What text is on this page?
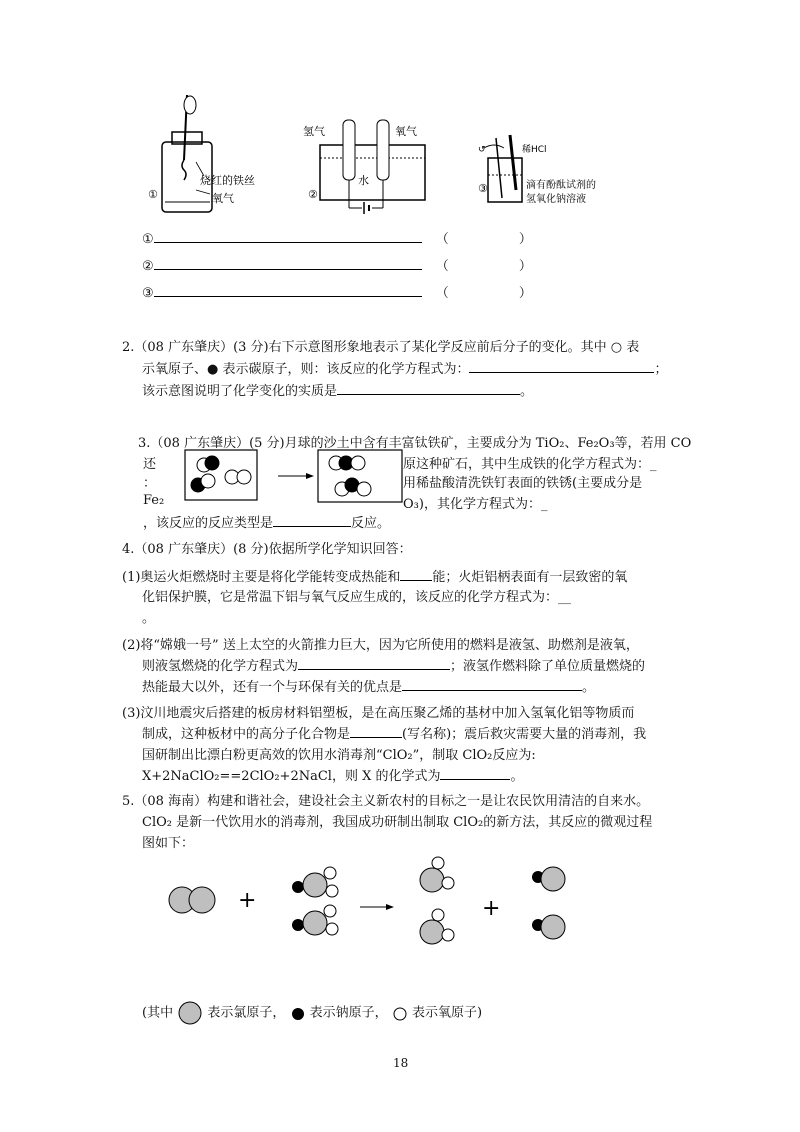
①
烧红的铁丝
氧气
氢气	氧气
水
②
↺	稀HCl
③	滴有酚酞试剂的
氢氧化钠溶液
①	（	）
②	（	）
③	（	）
2.（08 广东肇庆）(3 分)右下示意图形象地表示了某化学反应前后分子的变化。其中 ○ 表
示氧原子、● 表示碳原子，则：该反应的化学方程式为：	；
该示意图说明了化学变化的实质是	。
3.（08 广东肇庆）(5 分)月球的沙土中含有丰富钛铁矿，主要成分为 TiO₂、Fe₂O₃等，若用 CO
还
：
Fe₂
原这种矿石，其中生成铁的化学方程式为：_
用稀盐酸清洗铁钉表面的铁锈(主要成分是
O₃)，其化学方程式为：_
，该反应的反应类型是	反应。
4.（08 广东肇庆）(8 分)依据所学化学知识回答：
(1)奥运火炬燃烧时主要是将化学能转变成热能和 能；火炬铝柄表面有一层致密的氧
化铝保护膜，它是常温下铝与氧气反应生成的，该反应的化学方程式为：__
。
(2)将“嫦娥一号” 送上太空的火箭推力巨大，因为它所使用的燃料是液氢、助燃剂是液氧，
则液氢燃烧的化学方程式为	；液氢作燃料除了单位质量燃烧的
热能最大以外，还有一个与环保有关的优点是	。
(3)汶川地震灾后搭建的板房材料铝塑板，是在高压聚乙烯的基材中加入氢氧化铝等物质而
制成，这种板材中的高分子化合物是	(写名称)；震后救灾需要大量的消毒剂，我
国研制出比漂白粉更高效的饮用水消毒剂“ClO₂”，制取 ClO₂反应为:
X+2NaClO₂==2ClO₂+2NaCl，则 X 的化学式为	。
5.（08 海南）构建和谐社会，建设社会主义新农村的目标之一是让农民饮用清洁的自来水。
ClO₂ 是新一代饮用水的消毒剂，我国成功研制出制取 ClO₂的新方法，其反应的微观过程
图如下：
+	+
(其中	表示氯原子， 表示钠原子， 表示氧原子)
18
